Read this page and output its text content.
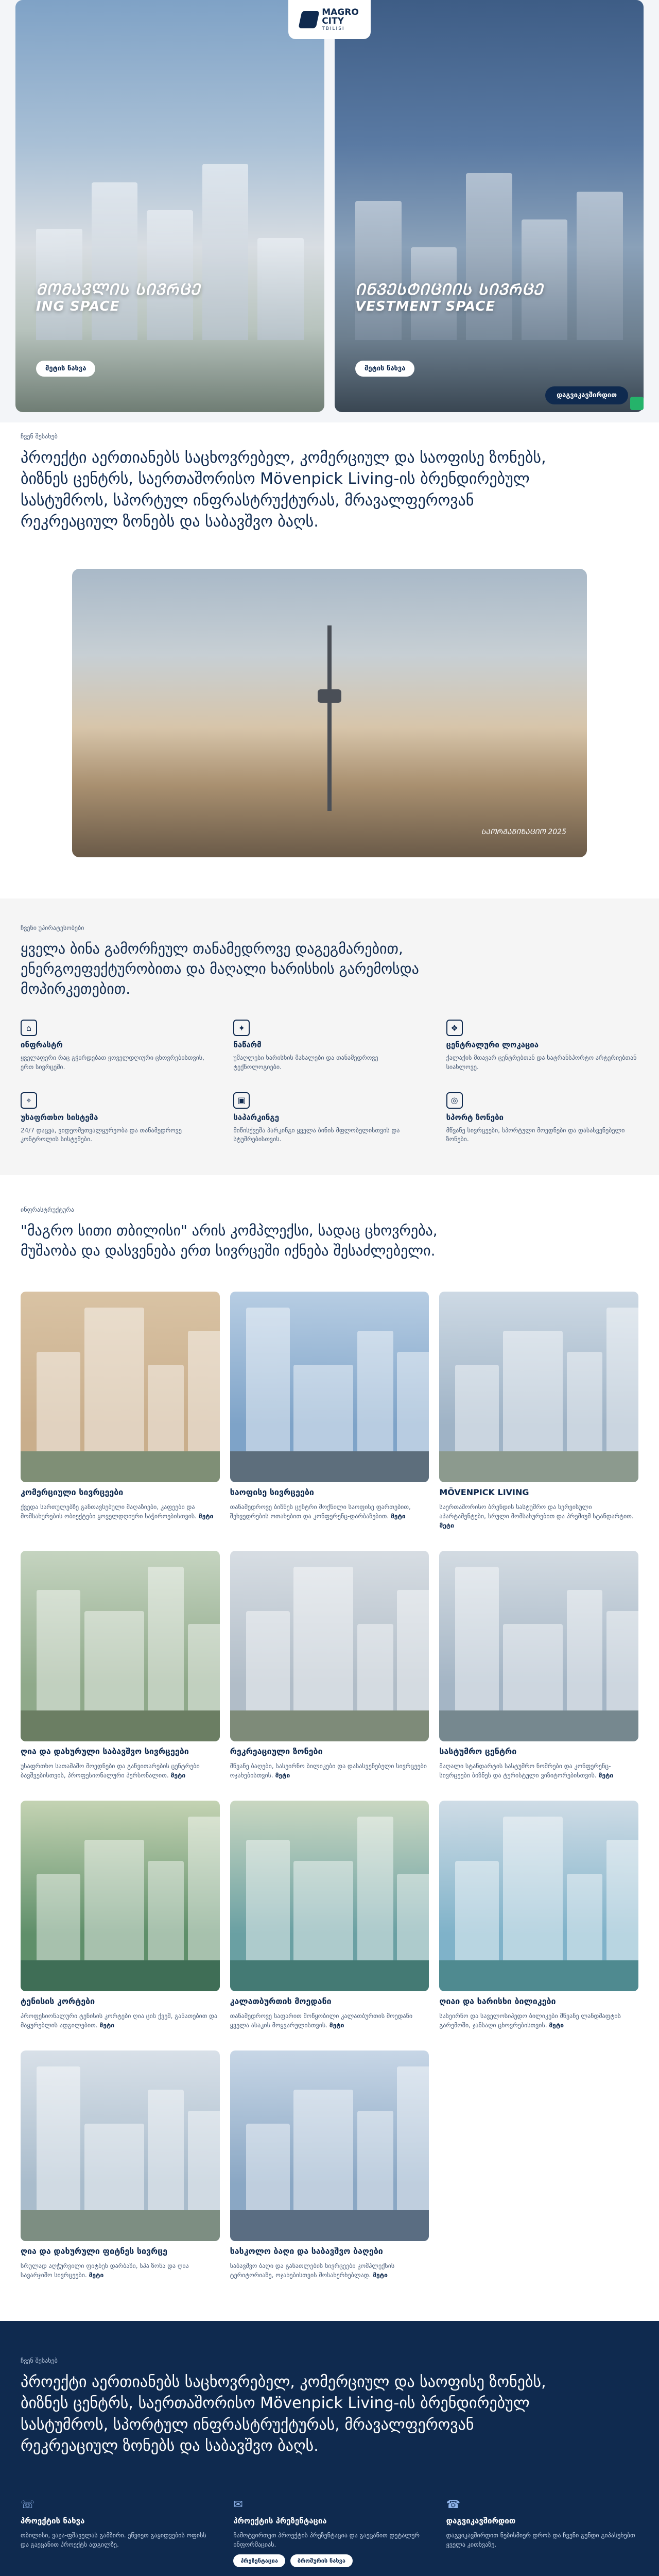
ᲛᲝᲛᲐᲕᲚᲘᲡ ᲡᲘᲕᲠᲪᲔ
ING SPACE
მეტის ნახვა
ᲘᲜᲕᲔᲡᲢᲘᲪᲘᲘᲡ ᲡᲘᲕᲠᲪᲔ
VESTMENT SPACE
მეტის ნახვა
MAGRO
CITY
TBILISI
დაგვიკავშირდით
ჩვენ შესახებ
პროექტი აერთიანებს საცხოვრებელ, კომერციულ და საოფისე ზონებს, ბიზნეს ცენტრს, საერთაშორისო Mövenpick Living-ის ბრენდირებულ სასტუმროს, სპორტულ ინფრასტრუქტურას, მრავალფეროვან რეკრეაციულ ზონებს და საბავშვო ბაღს.
ᲡᲐᲝᲠᲒᲐᲜᲘᲖᲐᲪᲘᲝ 2025
ჩვენი უპირატესობები
ყველა ბინა გამორჩეულ თანამედროვე დაგეგმარებით, ენერგოეფექტურობითა და მაღალი ხარისხის გარემოსდა მოპირკეთებით.
⌂
ინფრასტრ
ყველაფერი რაც გჭირდებათ ყოველდღიური ცხოვრებისთვის, ერთ სივრცეში.
✦
ნაწარმ
უმაღლესი ხარისხის მასალები და თანამედროვე ტექნოლოგიები.
❖
ცენტრალური ლოკაცია
ქალაქის მთავარ ცენტრებთან და სატრანსპორტო არტერიებთან სიახლოვე.
⌖
უსაფრთხო სისტემა
24/7 დაცვა, ვიდეომეთვალყურეობა და თანამედროვე კონტროლის სისტემები.
▣
საპარკინგე
მიწისქვეშა პარკინგი ყველა ბინის მფლობელისთვის და სტუმრებისთვის.
◎
სპორტ ზონები
მწვანე სივრცეები, სპორტული მოედნები და დასასვენებელი ზონები.
ინფრასტრუქტურა
"მაგრო სითი თბილისი" არის კომპლექსი, სადაც ცხოვრება, მუშაობა და დასვენება ერთ სივრცეში იქნება შესაძლებელი.
კომერციული სივრცეები
ქვედა სართულებზე განთავსებული მაღაზიები, კაფეები და მომსახურების ობიექტები ყოველდღიური საჭიროებისთვის. მეტი
საოფისე სივრცეები
თანამედროვე ბიზნეს ცენტრი მოქნილი საოფისე ფართებით, შეხვედრების ოთახებით და კონფერენც-დარბაზებით. მეტი
MÖVENPICK LIVING
საერთაშორისო ბრენდის სასტუმრო და სერვისული აპარტამენტები, სრული მომსახურებით და პრემიუმ სტანდარტით. მეტი
ღია და დახურული საბავშვო სივრცეები
უსაფრთხო სათამაშო მოედნები და განვითარების ცენტრები ბავშვებისთვის, პროფესიონალური პერსონალით. მეტი
რეკრეაციული ზონები
მწვანე ბაღები, სასეირნო ბილიკები და დასასვენებელი სივრცეები ოჯახებისთვის. მეტი
სასტუმრო ცენტრი
მაღალი სტანდარტის სასტუმრო ნომრები და კონფერენც-სივრცეები ბიზნეს და ტურისტული ვიზიტორებისთვის. მეტი
ტენისის კორტები
პროფესიონალური ტენისის კორტები ღია ცის ქვეშ, განათებით და მაყურებლის ადგილებით. მეტი
კალათბურთის მოედანი
თანამედროვე საფარით მოწყობილი კალათბურთის მოედანი ყველა ასაკის მოყვარულისთვის. მეტი
ღიაი და ხარისხი ბილიკები
სასეირნო და საველოსიპედო ბილიკები მწვანე ლანდშაფტის გარემოში, ჯანსაღი ცხოვრებისთვის. მეტი
ღია და დახურული ფიტნეს სივრცე
სრულად აღჭურვილი ფიტნეს დარბაზი, სპა ზონა და ღია სავარჯიშო სივრცეები. მეტი
სასკოლო ბაღი და საბავშვო ბაღები
საბავშვო ბაღი და განათლების სივრცეები კომპლექსის ტერიტორიაზე, ოჯახებისთვის მოსახერხებლად. მეტი
ჩვენ შესახებ
პროექტი აერთიანებს საცხოვრებელ, კომერციულ და საოფისე ზონებს, ბიზნეს ცენტრს, საერთაშორისო Mövenpick Living-ის ბრენდირებულ სასტუმროს, სპორტულ ინფრასტრუქტურას, მრავალფეროვან რეკრეაციულ ზონებს და საბავშვო ბაღს.
☏
პროექტის ნახვა
თბილისი, ვაჟა-ფშაველას გამზირი. ეწვიეთ გაყიდვების ოფისს და გაეცანით პროექტს ადგილზე.
✉
პროექტის პრეზენტაცია
ჩამოტვირთეთ პროექტის პრეზენტაცია და გაეცანით დეტალურ ინფორმაციას.
პრეზენტაცია	ბროშურის ნახვა
☎
დაგვიკავშირდით
დაგვიკავშირდით ნებისმიერ დროს და ჩვენი გუნდი გიპასუხებთ ყველა კითხვაზე.
